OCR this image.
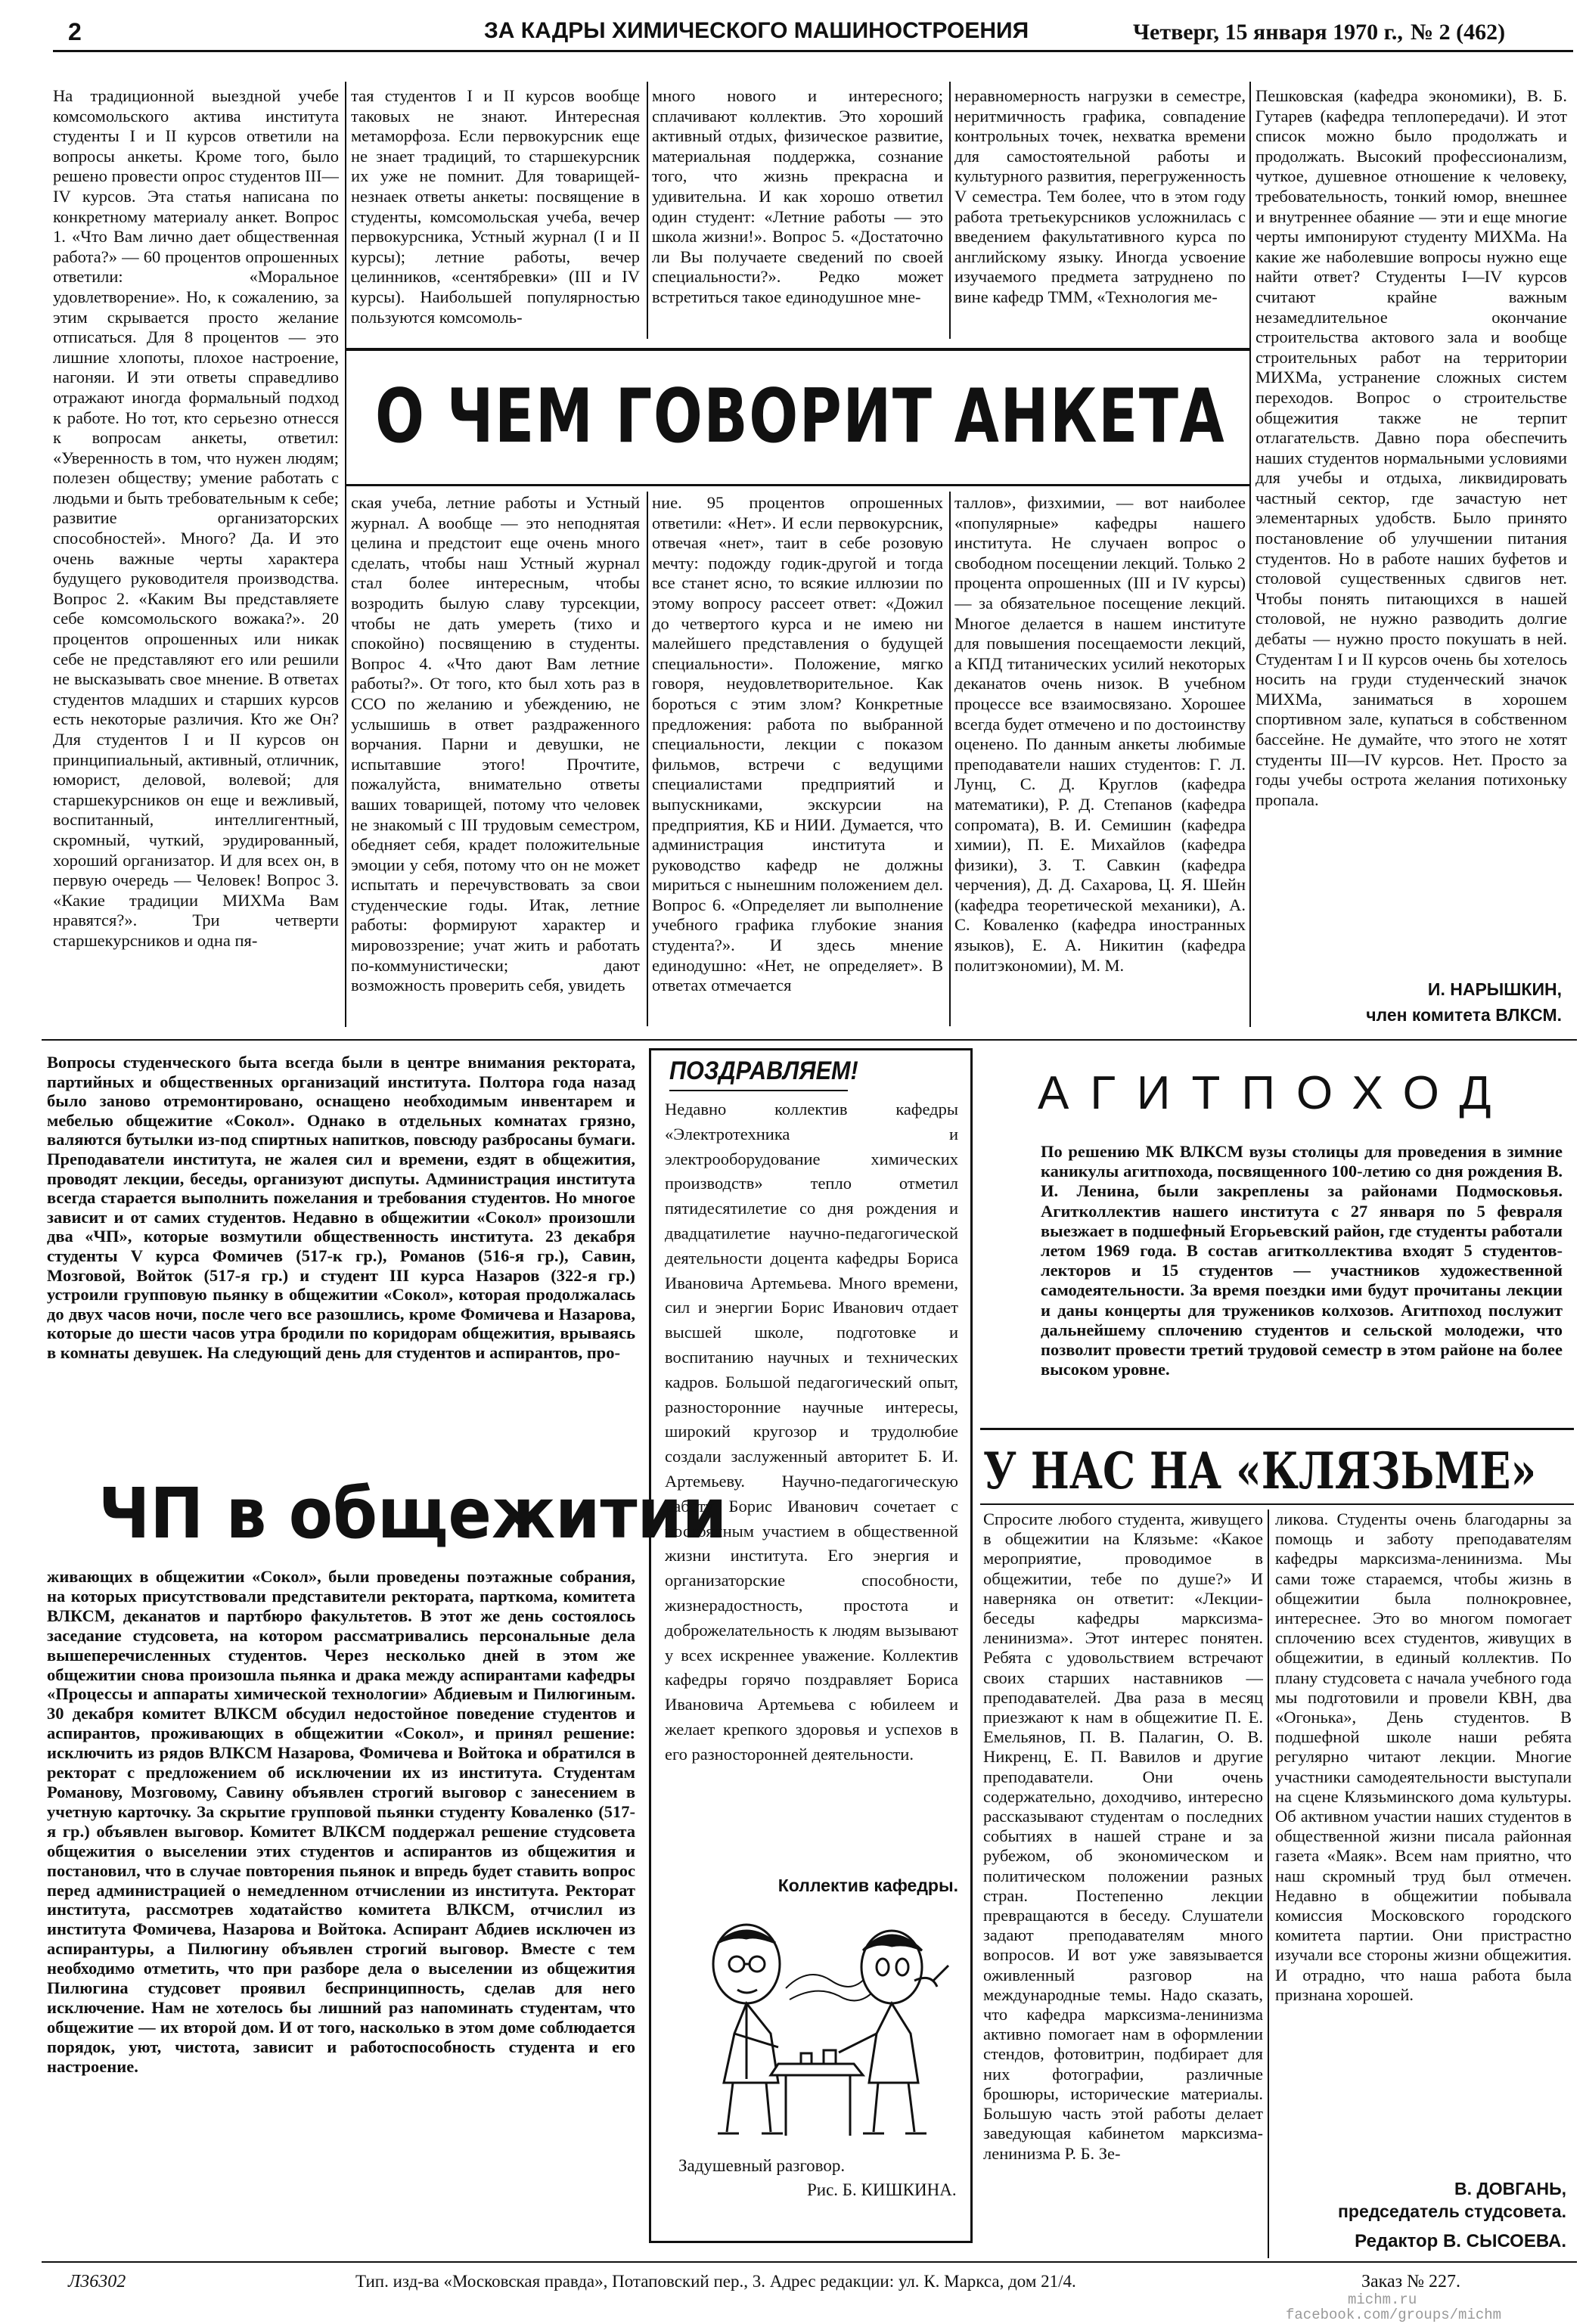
2	ЗА КАДРЫ ХИМИЧЕСКОГО МАШИНОСТРОЕНИЯ	Четверг, 15 января 1970 г., № 2 (462)
На традиционной выездной учебе комсомольского актива института студенты I и II курсов ответили на вопросы анкеты. Кроме того, было решено провести опрос студентов III—IV курсов. Эта статья написана по конкретному материалу анкет. Вопрос 1. «Что Вам лично дает общественная работа?» — 60 процентов опрошенных ответили: «Моральное удовлетворение». Но, к сожалению, за этим скрывается просто желание отписаться. Для 8 процентов — это лишние хлопоты, плохое настроение, нагоняи. И эти ответы справедливо отражают иногда формальный подход к работе. Но тот, кто серьезно отнесся к вопросам анкеты, ответил: «Уверенность в том, что нужен людям; полезен обществу; умение работать с людьми и быть требовательным к себе; развитие организаторских способностей». Много? Да. И это очень важные черты характера будущего руководителя производства. Вопрос 2. «Каким Вы представляете себе комсомольского вожака?». 20 процентов опрошенных или никак себе не представляют его или решили не высказывать свое мнение. В ответах студентов младших и старших курсов есть некоторые различия. Кто же Он? Для студентов I и II курсов он принципиальный, активный, отличник, юморист, деловой, волевой; для старшекурсников он еще и вежливый, воспитанный, интеллигентный, скромный, чуткий, эрудированный, хороший организатор. И для всех он, в первую очередь — Человек! Вопрос 3. «Какие традиции МИХМа Вам нравятся?». Три четверти старшекурсников и одна пя-
тая студентов I и II курсов вообще таковых не знают. Интересная метаморфоза. Если первокурсник еще не знает традиций, то старшекурсник их уже не помнит. Для товарищей-незнаек ответы анкеты: посвящение в студенты, комсомольская учеба, вечер первокурсника, Устный журнал (I и II курсы); летние работы, вечер целинников, «сентябревки» (III и IV курсы). Наибольшей популярностью пользуются комсомоль-
много нового и интересного; сплачивают коллектив. Это хороший активный отдых, физическое развитие, материальная поддержка, сознание того, что жизнь прекрасна и удивительна. И как хорошо ответил один студент: «Летние работы — это школа жизни!». Вопрос 5. «Достаточно ли Вы получаете сведений по своей специальности?». Редко может встретиться такое единодушное мне-
неравномерность нагрузки в семестре, неритмичность графика, совпадение контрольных точек, нехватка времени для самостоятельной работы и культурного развития, перегруженность V семестра. Тем более, что в этом году работа третьекурсников усложнилась с введением факультативного курса по английскому языку. Иногда усвоение изучаемого предмета затруднено по вине кафедр ТММ, «Технология ме-
О ЧЕМ ГОВОРИТ АНКЕТА
Пешковская (кафедра экономики), В. Б. Гутарев (кафедра теплопередачи). И этот список можно было продолжать и продолжать. Высокий профессионализм, чуткое, душевное отношение к человеку, требовательность, тонкий юмор, внешнее и внутреннее обаяние — эти и еще многие черты импонируют студенту МИХМа. На какие же наболевшие вопросы нужно еще найти ответ? Студенты I—IV курсов считают крайне важным незамедлительное окончание строительства актового зала и вообще строительных работ на территории МИХМа, устранение сложных систем переходов. Вопрос о строительстве общежития также не терпит отлагательств. Давно пора обеспечить наших студентов нормальными условиями для учебы и отдыха, ликвидировать частный сектор, где зачастую нет элементарных удобств. Было принято постановление об улучшении питания студентов. Но в работе наших буфетов и столовой существенных сдвигов нет. Чтобы понять питающихся в нашей столовой, не нужно разводить долгие дебаты — нужно просто покушать в ней. Студентам I и II курсов очень бы хотелось носить на груди студенческий значок МИХМа, заниматься в хорошем спортивном зале, купаться в собственном бассейне. Не думайте, что этого не хотят студенты III—IV курсов. Нет. Просто за годы учебы острота желания потихоньку пропала.
И. НАРЫШКИН,
член комитета ВЛКСМ.
ская учеба, летние работы и Устный журнал. А вообще — это неподнятая целина и предстоит еще очень много сделать, чтобы наш Устный журнал стал более интересным, чтобы возродить былую славу турсекции, чтобы не дать умереть (тихо и спокойно) посвящению в студенты. Вопрос 4. «Что дают Вам летние работы?». От того, кто был хоть раз в ССО по желанию и убеждению, не услышишь в ответ раздраженного ворчания. Парни и девушки, не испытавшие этого! Прочтите, пожалуйста, внимательно ответы ваших товарищей, потому что человек не знакомый с III трудовым семестром, обедняет себя, крадет положительные эмоции у себя, потому что он не может испытать и перечувствовать за свои студенческие годы. Итак, летние работы: формируют характер и мировоззрение; учат жить и работать по-коммунистически; дают возможность проверить себя, увидеть
ние. 95 процентов опрошенных ответили: «Нет». И если первокурсник, отвечая «нет», таит в себе розовую мечту: подожду годик-другой и тогда все станет ясно, то всякие иллюзии по этому вопросу рассеет ответ: «Дожил до четвертого курса и не имею ни малейшего представления о будущей специальности». Положение, мягко говоря, неудовлетворительное. Как бороться с этим злом? Конкретные предложения: работа по выбранной специальности, лекции с показом фильмов, встречи с ведущими специалистами предприятий и выпускниками, экскурсии на предприятия, КБ и НИИ. Думается, что администрация института и руководство кафедр не должны мириться с нынешним положением дел. Вопрос 6. «Определяет ли выполнение учебного графика глубокие знания студента?». И здесь мнение единодушно: «Нет, не определяет». В ответах отмечается
таллов», физхимии, — вот наиболее «популярные» кафедры нашего института. Не случаен вопрос о свободном посещении лекций. Только 2 процента опрошенных (III и IV курсы) — за обязательное посещение лекций. Многое делается в нашем институте для повышения посещаемости лекций, а КПД титанических усилий некоторых деканатов очень низок. В учебном процессе все взаимосвязано. Хорошее всегда будет отмечено и по достоинству оценено. По данным анкеты любимые преподаватели наших студентов: Г. Л. Лунц, С. Д. Круглов (кафедра математики), Р. Д. Степанов (кафедра сопромата), В. И. Семишин (кафедра химии), П. Е. Михайлов (кафедра физики), З. Т. Савкин (кафедра черчения), Д. Д. Сахарова, Ц. Я. Шейн (кафедра теоретической механики), А. С. Коваленко (кафедра иностранных языков), Е. А. Никитин (кафедра политэкономии), М. М.
Вопросы студенческого быта всегда были в центре внимания ректората, партийных и общественных организаций института. Полтора года назад было заново отремонтировано, оснащено необходимым инвентарем и мебелью общежитие «Сокол». Однако в отдельных комнатах грязно, валяются бутылки из-под спиртных напитков, повсюду разбросаны бумаги. Преподаватели института, не жалея сил и времени, ездят в общежития, проводят лекции, беседы, организуют диспуты. Администрация института всегда старается выполнить пожелания и требования студентов. Но многое зависит и от самих студентов. Недавно в общежитии «Сокол» произошли два «ЧП», которые возмутили общественность института. 23 декабря студенты V курса Фомичев (517-к гр.), Романов (516-я гр.), Савин, Мозговой, Войток (517-я гр.) и студент III курса Назаров (322-я гр.) устроили групповую пьянку в общежитии «Сокол», которая продолжалась до двух часов ночи, после чего все разошлись, кроме Фомичева и Назарова, которые до шести часов утра бродили по коридорам общежития, врываясь в комнаты девушек. На следующий день для студентов и аспирантов, про-
ЧП в общежитии
живающих в общежитии «Сокол», были проведены поэтажные собрания, на которых присутствовали представители ректората, парткома, комитета ВЛКСМ, деканатов и партбюро факультетов. В этот же день состоялось заседание студсовета, на котором рассматривались персональные дела вышеперечисленных студентов. Через несколько дней в этом же общежитии снова произошла пьянка и драка между аспирантами кафедры «Процессы и аппараты химической технологии» Абдиевым и Пилюгиным. 30 декабря комитет ВЛКСМ обсудил недостойное поведение студентов и аспирантов, проживающих в общежитии «Сокол», и принял решение: исключить из рядов ВЛКСМ Назарова, Фомичева и Войтока и обратился в ректорат с предложением об исключении их из института. Студентам Романову, Мозговому, Савину объявлен строгий выговор с занесением в учетную карточку. За скрытие групповой пьянки студенту Коваленко (517-я гр.) объявлен выговор. Комитет ВЛКСМ поддержал решение студсовета общежития о выселении этих студентов и аспирантов из общежития и постановил, что в случае повторения пьянок и впредь будет ставить вопрос перед администрацией о немедленном отчислении из института. Ректорат института, рассмотрев ходатайство комитета ВЛКСМ, отчислил из института Фомичева, Назарова и Войтока. Аспирант Абдиев исключен из аспирантуры, а Пилюгину объявлен строгий выговор. Вместе с тем необходимо отметить, что при разборе дела о выселении из общежития Пилюгина студсовет проявил беспринципность, сделав для него исключение. Нам не хотелось бы лишний раз напоминать студентам, что общежитие — их второй дом. И от того, насколько в этом доме соблюдается порядок, уют, чистота, зависит и работоспособность студента и его настроение.
ПОЗДРАВЛЯЕМ!
Недавно коллектив кафедры «Электротехника и электрооборудование химических производств» тепло отметил пятидесятилетие со дня рождения и двадцатилетие научно-педагогической деятельности доцента кафедры Бориса Ивановича Артемьева. Много времени, сил и энергии Борис Иванович отдает высшей школе, подготовке и воспитанию научных и технических кадров. Большой педагогический опыт, разносторонние научные интересы, широкий кругозор и трудолюбие создали заслуженный авторитет Б. И. Артемьеву. Научно-педагогическую работу Борис Иванович сочетает с постоянным участием в общественной жизни института. Его энергия и организаторские способности, жизнерадостность, простота и доброжелательность к людям вызывают у всех искреннее уважение. Коллектив кафедры горячо поздравляет Бориса Ивановича Артемьева с юбилеем и желает крепкого здоровья и успехов в его разносторонней деятельности.
Коллектив кафедры.
Задушевный разговор.
Рис. Б. КИШКИНА.
АГИТПОХОД
По решению МК ВЛКСМ вузы столицы для проведения в зимние каникулы агитпохода, посвященного 100-летию со дня рождения В. И. Ленина, были закреплены за районами Подмосковья. Агитколлектив нашего института с 27 января по 5 февраля выезжает в подшефный Егорьевский район, где студенты работали летом 1969 года. В состав агитколлектива входят 5 студентов-лекторов и 15 студентов — участников художественной самодеятельности. За время поездки ими будут прочитаны лекции и даны концерты для тружеников колхозов. Агитпоход послужит дальнейшему сплочению студентов и сельской молодежи, что позволит провести третий трудовой семестр в этом районе на более высоком уровне.
У НАС НА «КЛЯЗЬМЕ»
Спросите любого студента, живущего в общежитии на Клязьме: «Какое мероприятие, проводимое в общежитии, тебе по душе?» И наверняка он ответит: «Лекции-беседы кафедры марксизма-ленинизма». Этот интерес понятен. Ребята с удовольствием встречают своих старших наставников — преподавателей. Два раза в месяц приезжают к нам в общежитие П. Е. Емельянов, П. В. Палагин, О. В. Никренц, Е. П. Вавилов и другие преподаватели. Они очень содержательно, доходчиво, интересно рассказывают студентам о последних событиях в нашей стране и за рубежом, об экономическом и политическом положении разных стран. Постепенно лекции превращаются в беседу. Слушатели задают преподавателям много вопросов. И вот уже завязывается оживленный разговор на международные темы. Надо сказать, что кафедра марксизма-ленинизма активно помогает нам в оформлении стендов, фотовитрин, подбирает для них фотографии, различные брошюры, исторические материалы. Большую часть этой работы делает заведующая кабинетом марксизма-ленинизма Р. Б. Зе-
ликова. Студенты очень благодарны за помощь и заботу преподавателям кафедры марксизма-ленинизма. Мы сами тоже стараемся, чтобы жизнь в общежитии была полнокровнее, интереснее. Это во многом помогает сплочению всех студентов, живущих в общежитии, в единый коллектив. По плану студсовета с начала учебного года мы подготовили и провели КВН, два «Огонька», День студентов. В подшефной школе наши ребята регулярно читают лекции. Многие участники самодеятельности выступали на сцене Клязьминского дома культуры. Об активном участии наших студентов в общественной жизни писала районная газета «Маяк». Всем нам приятно, что наш скромный труд был отмечен. Недавно в общежитии побывала комиссия Московского городского комитета партии. Они пристрастно изучали все стороны жизни общежития. И отрадно, что наша работа была признана хорошей.
В. ДОВГАНЬ,
председатель студсовета.
Редактор В. СЫСОЕВА.
Л36302	Тип. изд-ва «Московская правда», Потаповский пер., 3. Адрес редакции: ул. К. Маркса, дом 21/4.	Заказ № 227.
michm.ru
facebook.com/groups/michm
